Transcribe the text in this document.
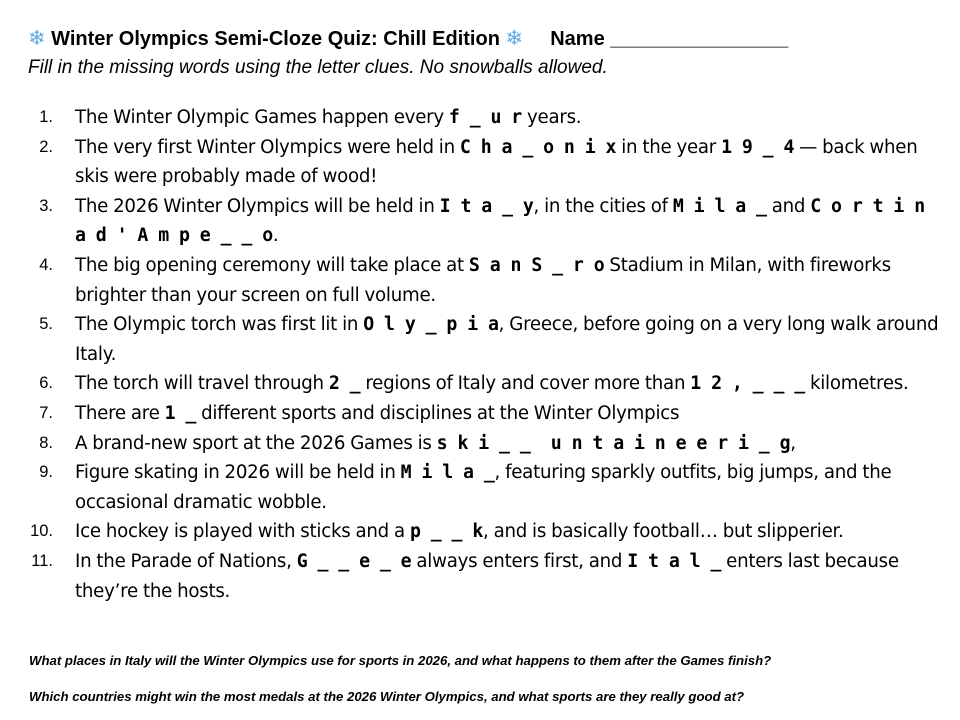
❄ Winter Olympics Semi-Cloze Quiz: Chill Edition ❄ Name ________________
Fill in the missing words using the letter clues. No snowballs allowed.
1. The Winter Olympic Games happen every f _ u r years.
2. The very first Winter Olympics were held in C h a _ o n i x in the year 1 9 _ 4 — back when skis were probably made of wood!
3. The 2026 Winter Olympics will be held in I t a _ y, in the cities of M i l a _ and C o r t i n a d ' A m p e _ _ o.
4. The big opening ceremony will take place at S a n S _ r o Stadium in Milan, with fireworks brighter than your screen on full volume.
5. The Olympic torch was first lit in O l y _ p i a, Greece, before going on a very long walk around Italy.
6. The torch will travel through 2 _ regions of Italy and cover more than 1 2 , _ _ _ kilometres.
7. There are 1 _ different sports and disciplines at the Winter Olympics
8. A brand-new sport at the 2026 Games is s k i _ _  u n t a i n e e r i _ g,
9. Figure skating in 2026 will be held in M i l a _, featuring sparkly outfits, big jumps, and the occasional dramatic wobble.
10. Ice hockey is played with sticks and a p _ _ k, and is basically football… but slipperier.
11. In the Parade of Nations, G _ _ e _ e always enters first, and I t a l _ enters last because they’re the hosts.
What places in Italy will the Winter Olympics use for sports in 2026, and what happens to them after the Games finish?
Which countries might win the most medals at the 2026 Winter Olympics, and what sports are they really good at?
